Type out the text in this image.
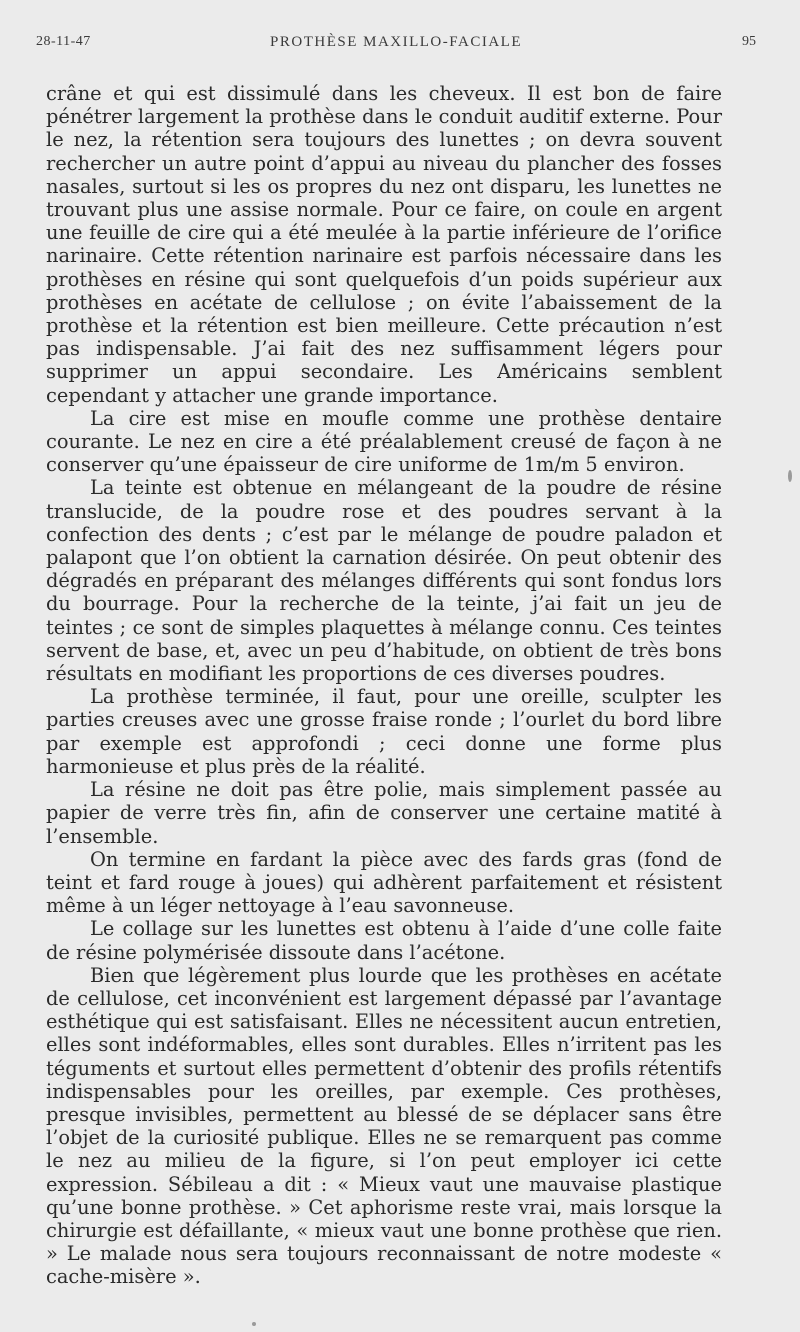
28-11-47	PROTHÈSE MAXILLO-FACIALE	95

crâne et qui est dissimulé dans les cheveux. Il est bon de faire pénétrer largement la prothèse dans le conduit auditif externe. Pour le nez, la rétention sera toujours des lunettes ; on devra souvent rechercher un autre point d’appui au niveau du plancher des fosses nasales, surtout si les os propres du nez ont disparu, les lunettes ne trouvant plus une assise normale. Pour ce faire, on coule en argent une feuille de cire qui a été meulée à la partie inférieure de l’orifice narinaire. Cette rétention narinaire est parfois nécessaire dans les prothèses en résine qui sont quelquefois d’un poids supérieur aux prothèses en acétate de cellulose ; on évite l’abaissement de la prothèse et la rétention est bien meilleure. Cette précaution n’est pas indispensable. J’ai fait des nez suffisamment légers pour supprimer un appui secondaire. Les Américains semblent cependant y attacher une grande importance.

La cire est mise en moufle comme une prothèse dentaire courante. Le nez en cire a été préalablement creusé de façon à ne conserver qu’une épaisseur de cire uniforme de 1m/m 5 environ.

La teinte est obtenue en mélangeant de la poudre de résine translucide, de la poudre rose et des poudres servant à la confection des dents ; c’est par le mélange de poudre paladon et palapont que l’on obtient la carnation désirée. On peut obtenir des dégradés en préparant des mélanges différents qui sont fondus lors du bourrage. Pour la recherche de la teinte, j’ai fait un jeu de teintes ; ce sont de simples plaquettes à mélange connu. Ces teintes servent de base, et, avec un peu d’habitude, on obtient de très bons résultats en modifiant les proportions de ces diverses poudres.

La prothèse terminée, il faut, pour une oreille, sculpter les parties creuses avec une grosse fraise ronde ; l’ourlet du bord libre par exemple est approfondi ; ceci donne une forme plus harmonieuse et plus près de la réalité.

La résine ne doit pas être polie, mais simplement passée au papier de verre très fin, afin de conserver une certaine matité à l’ensemble.

On termine en fardant la pièce avec des fards gras (fond de teint et fard rouge à joues) qui adhèrent parfaitement et résistent même à un léger nettoyage à l’eau savonneuse.

Le collage sur les lunettes est obtenu à l’aide d’une colle faite de résine polymérisée dissoute dans l’acétone.

Bien que légèrement plus lourde que les prothèses en acétate de cellulose, cet inconvénient est largement dépassé par l’avantage esthétique qui est satisfaisant. Elles ne nécessitent aucun entretien, elles sont indéformables, elles sont durables. Elles n’irritent pas les téguments et surtout elles permettent d’obtenir des profils rétentifs indispensables pour les oreilles, par exemple. Ces prothèses, presque invisibles, permettent au blessé de se déplacer sans être l’objet de la curiosité publique. Elles ne se remarquent pas comme le nez au milieu de la figure, si l’on peut employer ici cette expression. Sébileau a dit : « Mieux vaut une mauvaise plastique qu’une bonne prothèse. » Cet aphorisme reste vrai, mais lorsque la chirurgie est défaillante, « mieux vaut une bonne prothèse que rien. » Le malade nous sera toujours reconnaissant de notre modeste « cache-misère ».
